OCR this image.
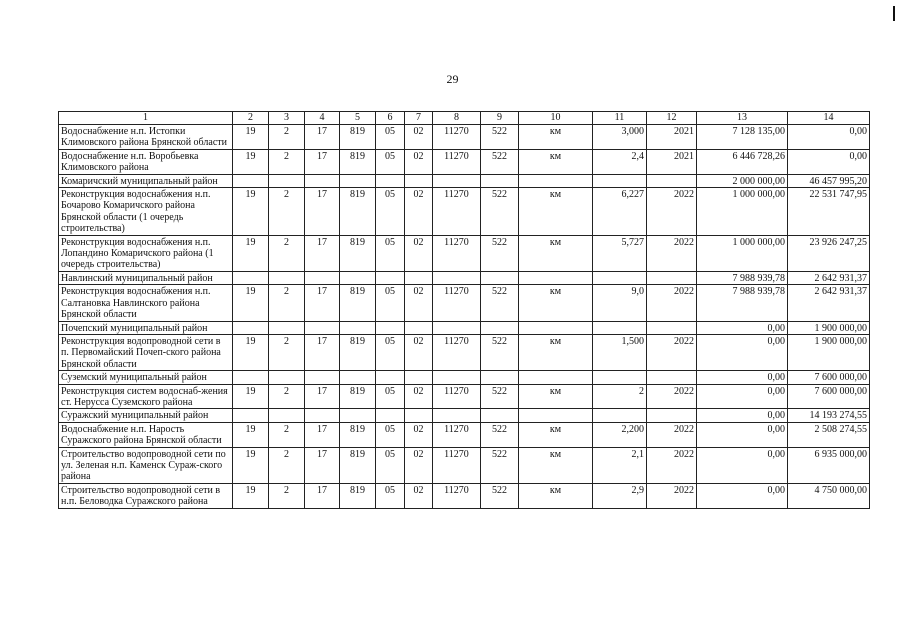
29
1	2	3	4	5	6	7	8	9	10	11	12	13	14
Водоснабжение н.п. Истопки Климовского района Брянской области	19	2	17	819	05	02	11270	522	км	3,000	2021	7 128 135,00	0,00
Водоснабжение н.п. Воробьевка Климовского района	19	2	17	819	05	02	11270	522	км	2,4	2021	6 446 728,26	0,00
Комаричский муниципальный район												2 000 000,00	46 457 995,20
Реконструкция водоснабжения н.п. Бочарово Комаричского района Брянской области (1 очередь строительства)	19	2	17	819	05	02	11270	522	км	6,227	2022	1 000 000,00	22 531 747,95
Реконструкция водоснабжения н.п. Лопандино Комаричского района (1 очередь строительства)	19	2	17	819	05	02	11270	522	км	5,727	2022	1 000 000,00	23 926 247,25
Навлинский муниципальный район												7 988 939,78	2 642 931,37
Реконструкция водоснабжения н.п. Салтановка Навлинского района Брянской области	19	2	17	819	05	02	11270	522	км	9,0	2022	7 988 939,78	2 642 931,37
Почепский муниципальный район												0,00	1 900 000,00
Реконструкция водопроводной сети в п. Первомайский Почеп-ского района Брянской области	19	2	17	819	05	02	11270	522	км	1,500	2022	0,00	1 900 000,00
Суземский муниципальный район												0,00	7 600 000,00
Реконструкция систем водоснаб-жения ст. Нерусса Суземского района	19	2	17	819	05	02	11270	522	км	2	2022	0,00	7 600 000,00
Суражский муниципальный район												0,00	14 193 274,55
Водоснабжение н.п. Нарость Суражского района Брянской области	19	2	17	819	05	02	11270	522	км	2,200	2022	0,00	2 508 274,55
Строительство водопроводной сети по ул. Зеленая н.п. Каменск Сураж-ского района	19	2	17	819	05	02	11270	522	км	2,1	2022	0,00	6 935 000,00
Строительство водопроводной сети в н.п. Беловодка Суражского района	19	2	17	819	05	02	11270	522	км	2,9	2022	0,00	4 750 000,00
